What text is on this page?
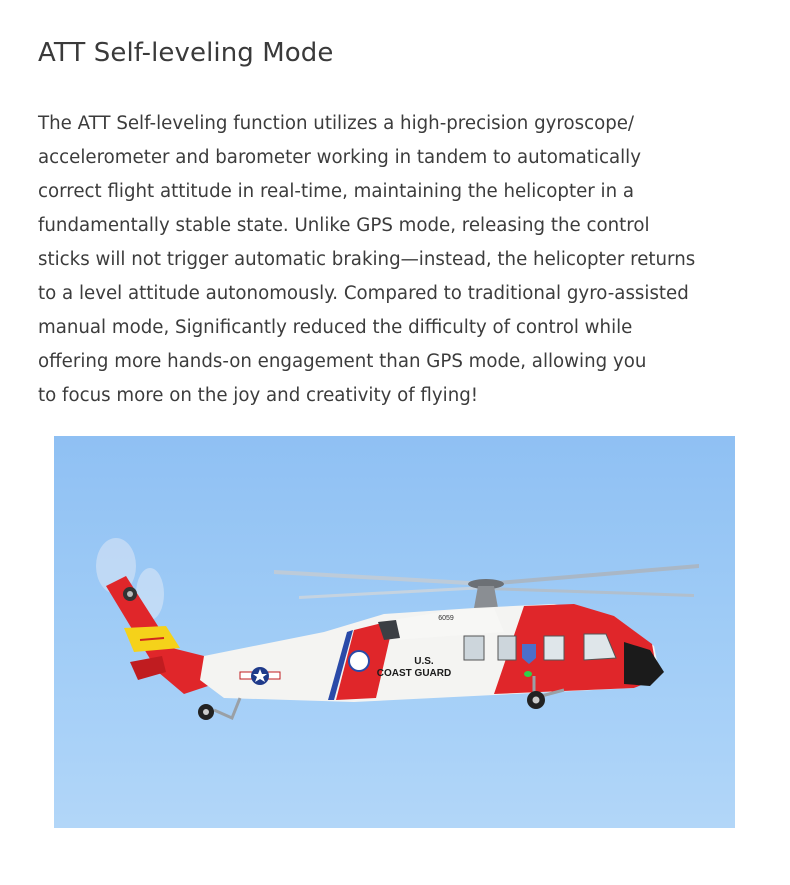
ATT Self-leveling Mode
The ATT Self-leveling function utilizes a high-precision gyroscope/
accelerometer and barometer working in tandem to automatically
correct flight attitude in real-time, maintaining the helicopter in a
fundamentally stable state. Unlike GPS mode, releasing the control
sticks will not trigger automatic braking—instead, the helicopter returns
to a level attitude autonomously. Compared to traditional gyro-assisted
manual mode, Significantly reduced the difficulty of control while
offering more hands-on engagement than GPS mode, allowing you
to focus more on the joy and creativity of flying!
U.S.
COAST GUARD
6059
